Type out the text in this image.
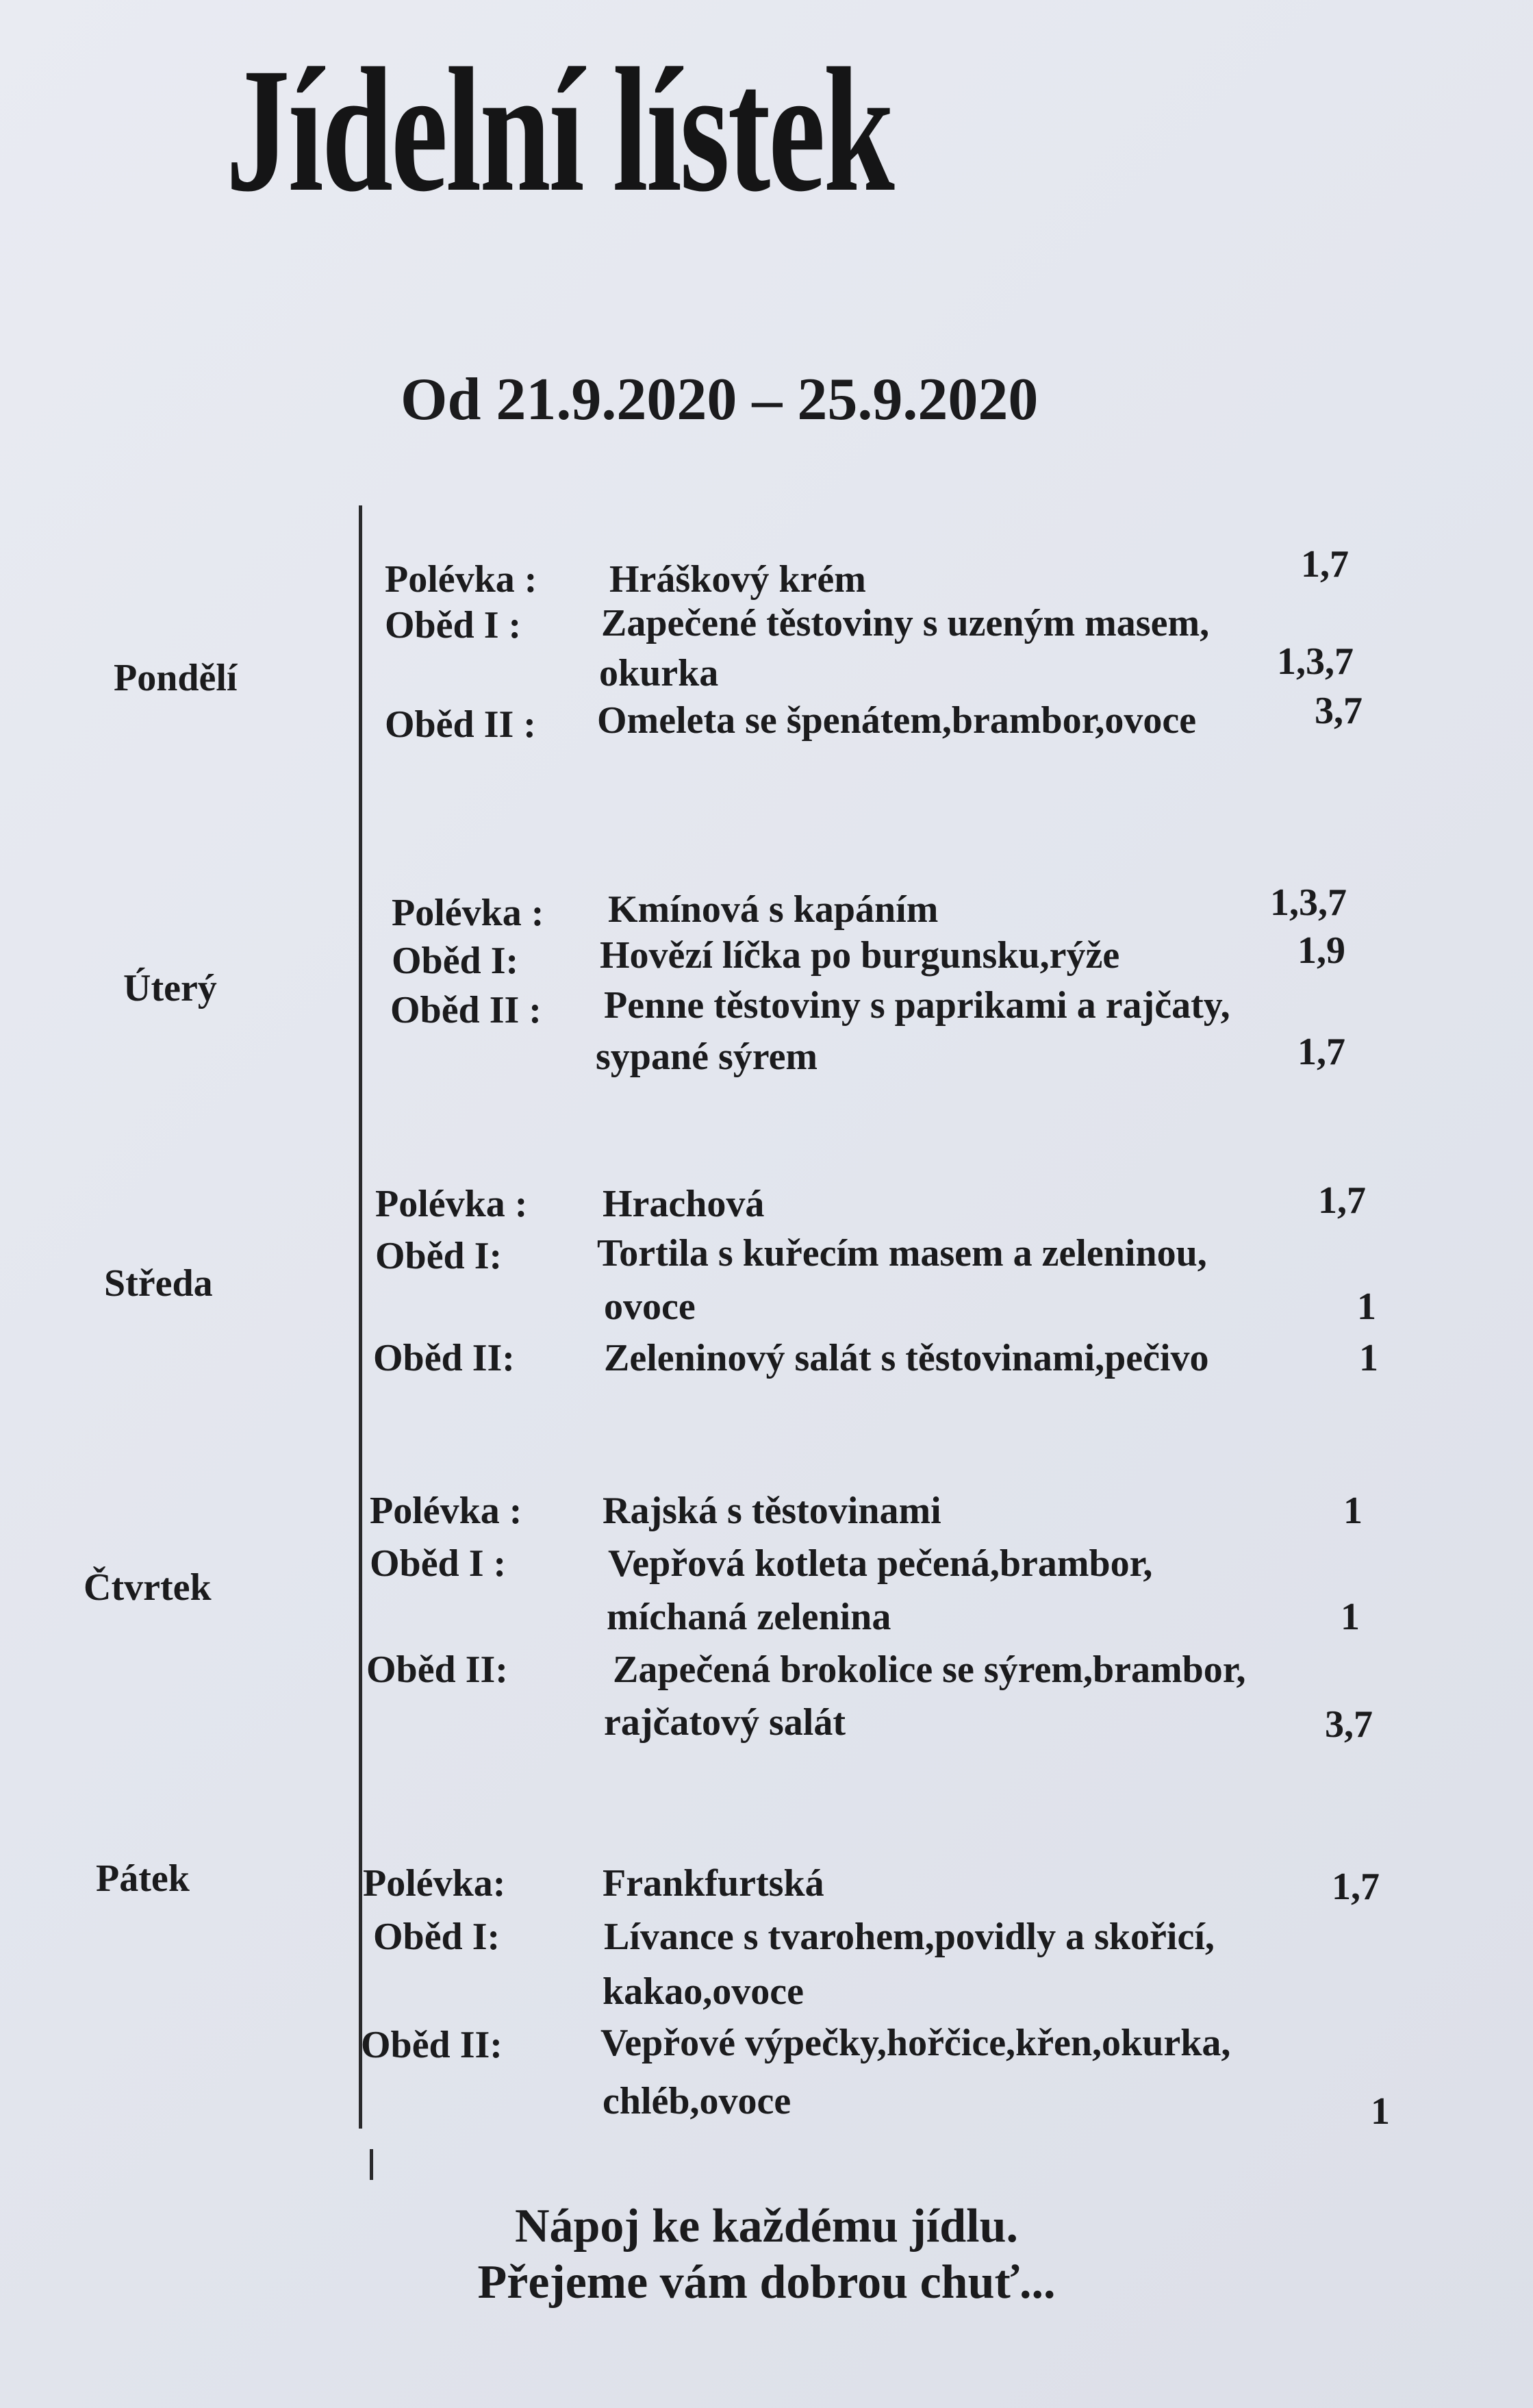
Jídelní lístek
Od 21.9.2020 – 25.9.2020
Pondělí
Polévka : Hráškový krém	1,7
Oběd I : Zapečené těstoviny s uzeným masem,
okurka	1,3,7
Oběd II : Omeleta se špenátem,brambor,ovoce	3,7
Úterý
Polévka : Kmínová s kapáním	1,3,7
Oběd I: Hovězí líčka po burgunsku,rýže	1,9
Oběd II : Penne těstoviny s paprikami a rajčaty,
sypané sýrem	1,7
Středa
Polévka : Hrachová	1,7
Oběd I: Tortila s kuřecím masem a zeleninou,
ovoce	1
Oběd II: Zeleninový salát s těstovinami,pečivo	1
Čtvrtek
Polévka : Rajská s těstovinami	1
Oběd I :	Vepřová kotleta pečená,brambor,
míchaná zelenina	1
Oběd II:	Zapečená brokolice se sýrem,brambor,
rajčatový salát	3,7
Pátek	Polévka:	Frankfurtská	1,7
Oběd I:	Lívance s tvarohem,povidly a skořicí,
kakao,ovoce
Oběd II:	Vepřové výpečky,hořčice,křen,okurka,
chléb,ovoce	1
Nápoj ke každému jídlu.
Přejeme vám dobrou chuť...
